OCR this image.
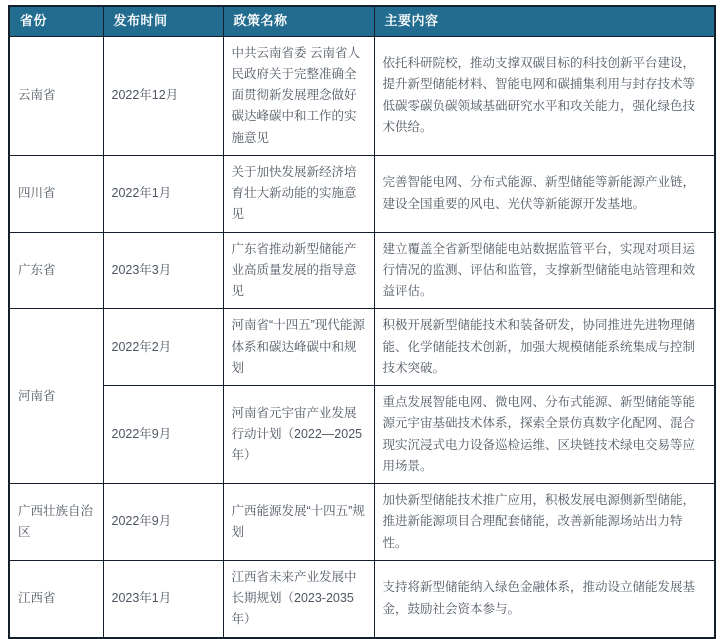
省份	发布时间	政策名称	主要内容
云南省	2022年12月	中共云南省委 云南省人民政府关于完整准确全面贯彻新发展理念做好碳达峰碳中和工作的实施意见	依托科研院校，推动支撑双碳目标的科技创新平台建设，提升新型储能材料、智能电网和碳捕集利用与封存技术等低碳零碳负碳领域基础研究水平和攻关能力，强化绿色技术供给。
四川省	2022年1月	关于加快发展新经济培育壮大新动能的实施意见	完善智能电网、分布式能源、新型储能等新能源产业链，建设全国重要的风电、光伏等新能源开发基地。
广东省	2023年3月	广东省推动新型储能产业高质量发展的指导意见	建立覆盖全省新型储能电站数据监管平台，实现对项目运行情况的监测、评估和监管，支撑新型储能电站管理和效益评估。
河南省	2022年2月	河南省“十四五”现代能源体系和碳达峰碳中和规划	积极开展新型储能技术和装备研发，协同推进先进物理储能、化学储能技术创新，加强大规模储能系统集成与控制技术突破。
	2022年9月	河南省元宇宙产业发展行动计划（2022—2025年）	重点发展智能电网、微电网、分布式能源、新型储能等能源元宇宙基础技术体系，探索全景仿真数字化配网、混合现实沉浸式电力设备巡检运维、区块链技术绿电交易等应用场景。
广西壮族自治区	2022年9月	广西能源发展“十四五”规划	加快新型储能技术推广应用，积极发展电源侧新型储能，推进新能源项目合理配套储能，改善新能源场站出力特性。
江西省	2023年1月	江西省未来产业发展中长期规划（2023-2035年）	支持将新型储能纳入绿色金融体系，推动设立储能发展基金，鼓励社会资本参与。
